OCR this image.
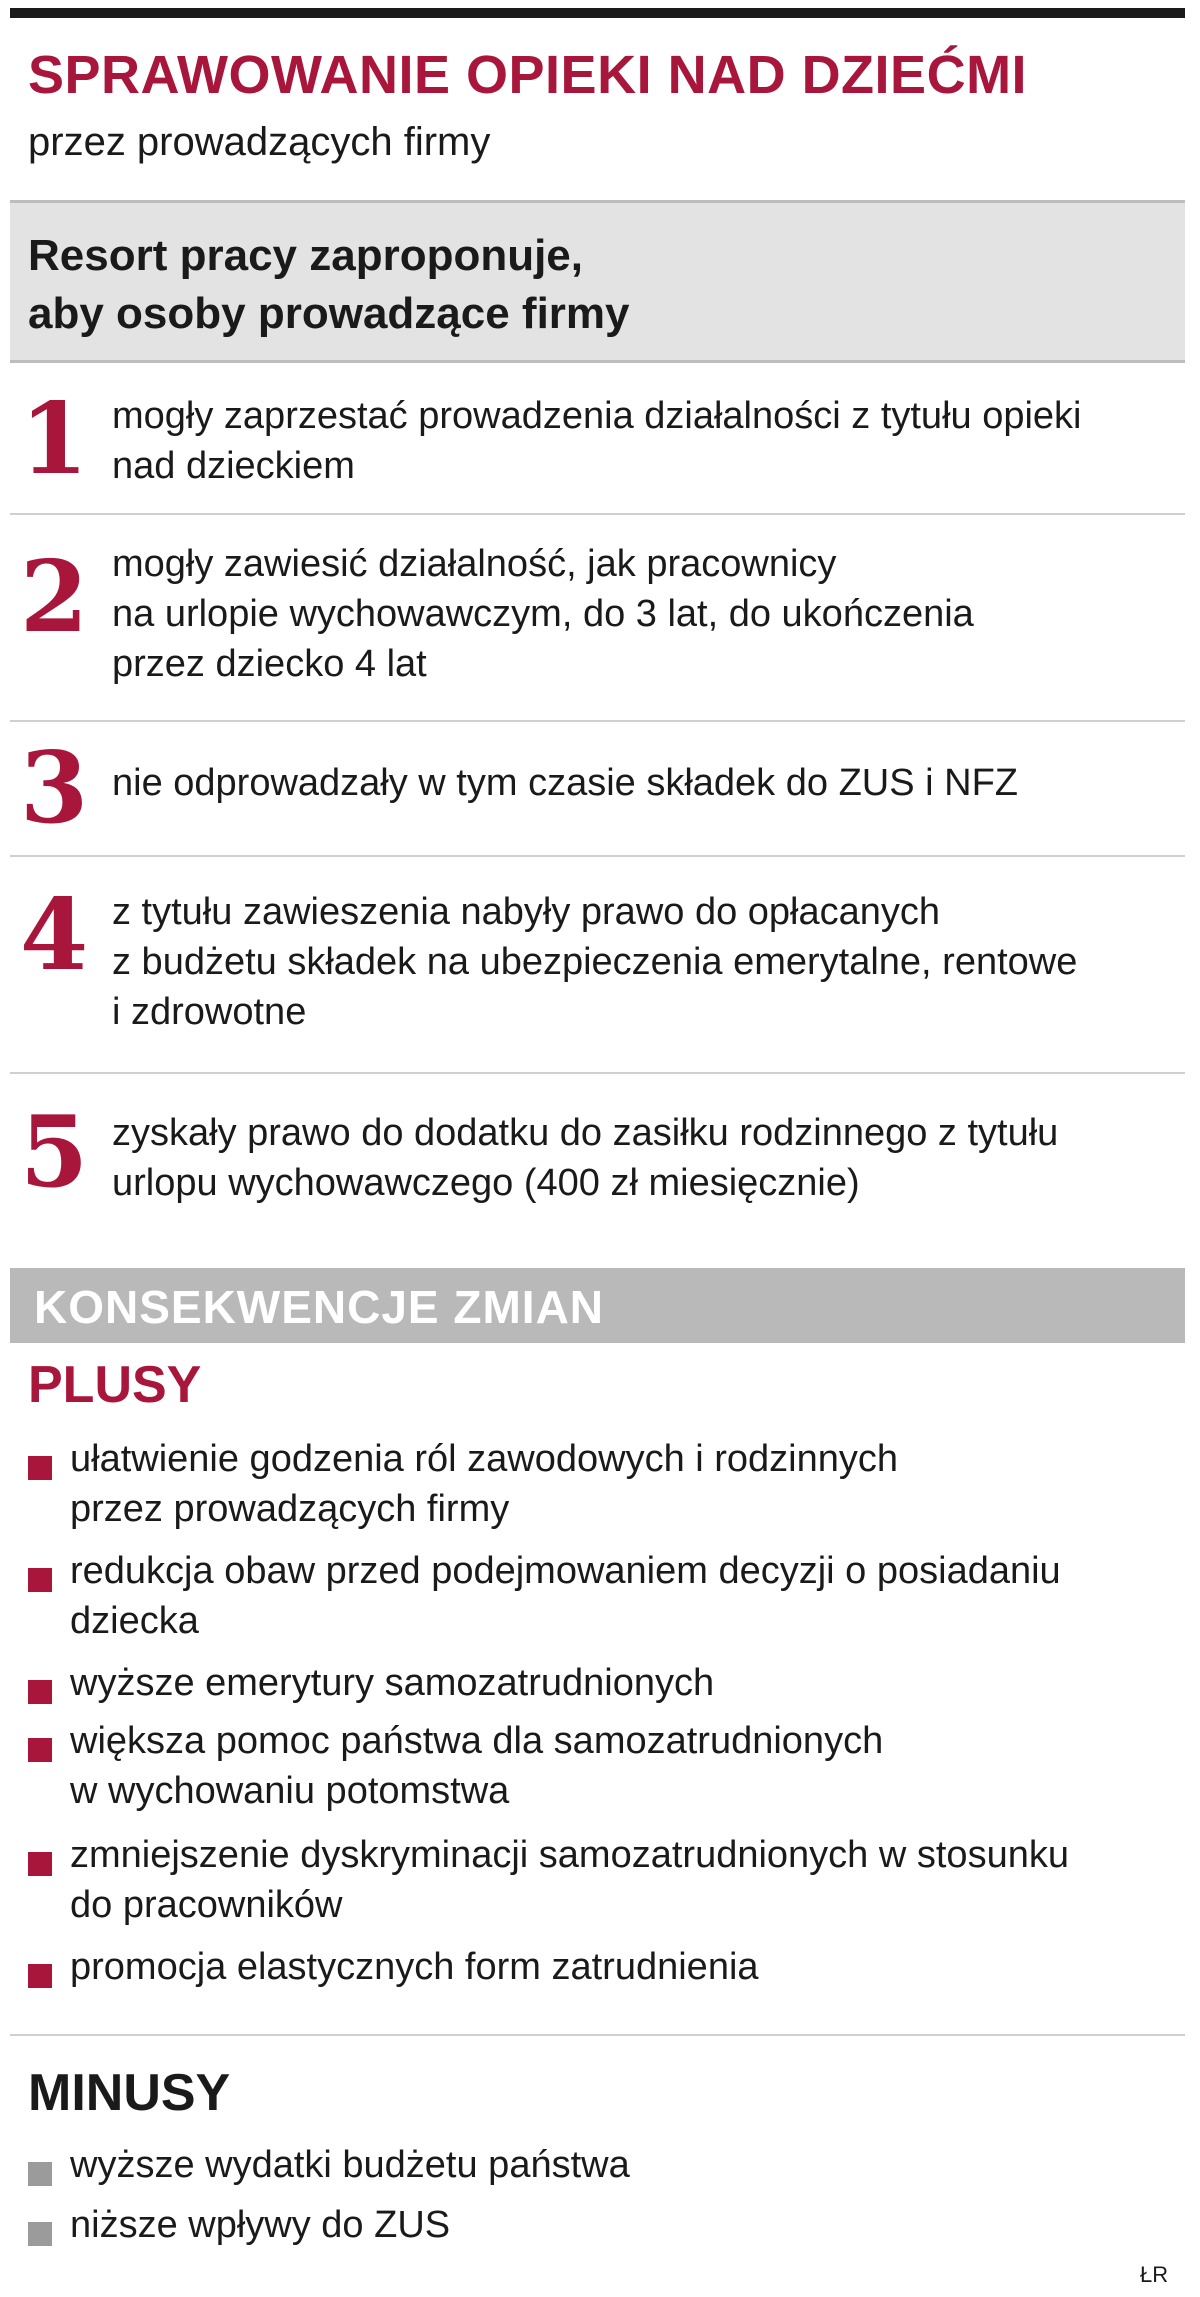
SPRAWOWANIE OPIEKI NAD DZIEĆMI
przez prowadzących firmy
Resort pracy zaproponuje,
aby osoby prowadzące firmy
1 mogły zaprzestać prowadzenia działalności z tytułu opieki
nad dzieckiem
2 mogły zawiesić działalność, jak pracownicy
na urlopie wychowawczym, do 3 lat, do ukończenia
przez dziecko 4 lat
3 nie odprowadzały w tym czasie składek do ZUS i NFZ
4 z tytułu zawieszenia nabyły prawo do opłacanych
z budżetu składek na ubezpieczenia emerytalne, rentowe
i zdrowotne
5 zyskały prawo do dodatku do zasiłku rodzinnego z tytułu
urlopu wychowawczego (400 zł miesięcznie)
KONSEKWENCJE ZMIAN
PLUSY
ułatwienie godzenia ról zawodowych i rodzinnych
przez prowadzących firmy
redukcja obaw przed podejmowaniem decyzji o posiadaniu
dziecka
wyższe emerytury samozatrudnionych
większa pomoc państwa dla samozatrudnionych
w wychowaniu potomstwa
zmniejszenie dyskryminacji samozatrudnionych w stosunku
do pracowników
promocja elastycznych form zatrudnienia
MINUSY
wyższe wydatki budżetu państwa
niższe wpływy do ZUS
ŁR
